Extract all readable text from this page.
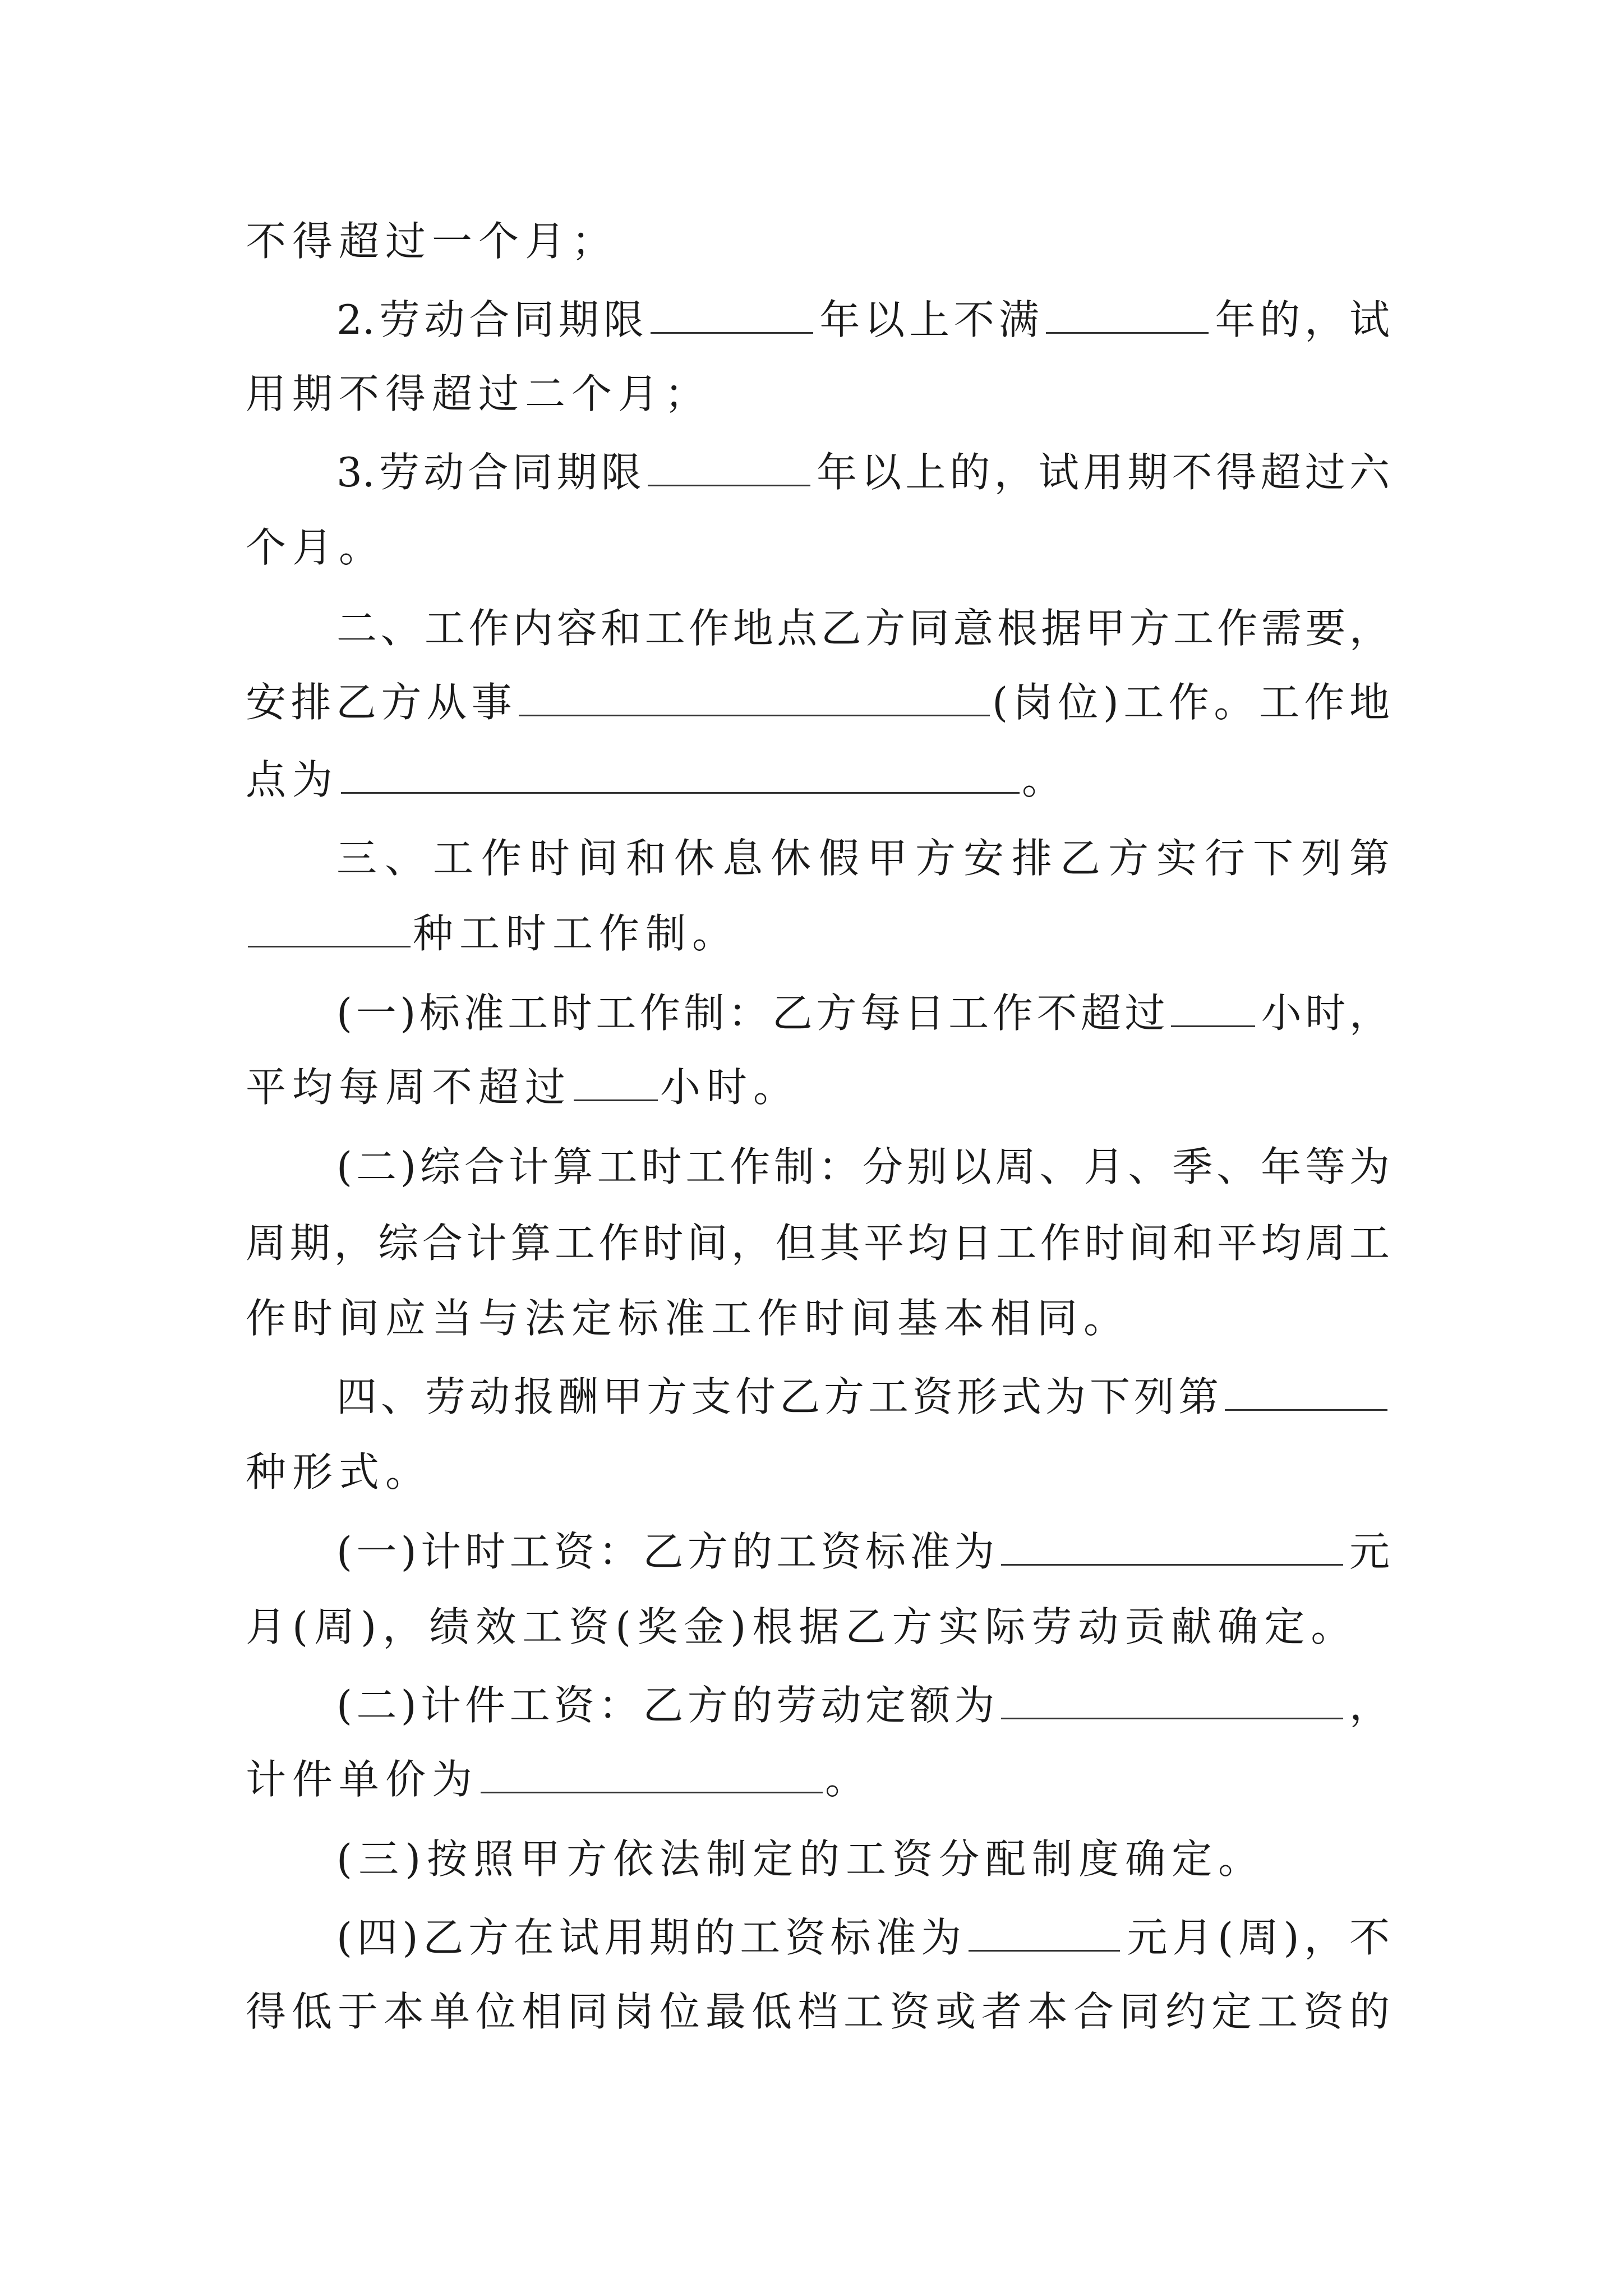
不得超过一个月；
2.劳动合同期限	年以上不满	年的，试
用期不得超过二个月；
3.劳动合同期限	年以上的，试用期不得超过六
个月。
二、工作内容和工作地点乙方同意根据甲方工作需要，
安排乙方从事	(岗位)工作。工作地
点为	。
三、工作时间和休息休假甲方安排乙方实行下列第
种工时工作制。
(一)标准工时工作制：乙方每日工作不超过 小时，
平均每周不超过 小时。
(二)综合计算工时工作制：分别以周、月、季、年等为
周期，综合计算工作时间，但其平均日工作时间和平均周工
作时间应当与法定标准工作时间基本相同。
四、劳动报酬甲方支付乙方工资形式为下列第
种形式。
(一)计时工资：乙方的工资标准为	元
月(周)，绩效工资(奖金)根据乙方实际劳动贡献确定。
(二)计件工资：乙方的劳动定额为	，
计件单价为	。
(三)按照甲方依法制定的工资分配制度确定。
(四)乙方在试用期的工资标准为	元月(周)，不
得低于本单位相同岗位最低档工资或者本合同约定工资的
